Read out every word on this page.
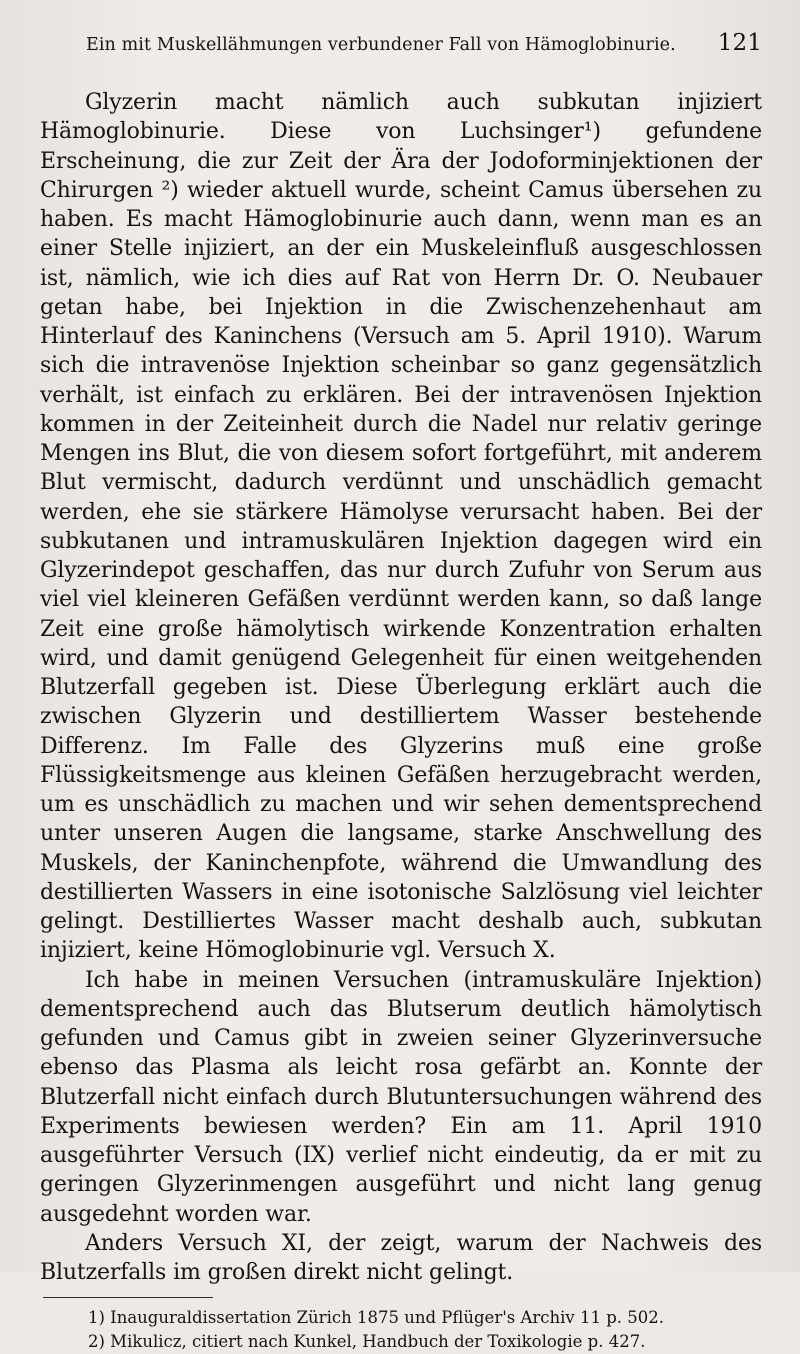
Ein mit Muskellähmungen verbundener Fall von Hämoglobinurie.	121

Glyzerin macht nämlich auch subkutan injiziert Hämoglobinurie. Diese von Luchsinger¹) gefundene Erscheinung, die zur Zeit der Ära der Jodoforminjektionen der Chirurgen ²) wieder aktuell wurde, scheint Camus übersehen zu haben. Es macht Hämoglobinurie auch dann, wenn man es an einer Stelle injiziert, an der ein Muskeleinfluß ausgeschlossen ist, nämlich, wie ich dies auf Rat von Herrn Dr. O. Neubauer getan habe, bei Injektion in die Zwischenzehenhaut am Hinterlauf des Kaninchens (Versuch am 5. April 1910). Warum sich die intravenöse Injektion scheinbar so ganz gegensätzlich verhält, ist einfach zu erklären. Bei der intravenösen Injektion kommen in der Zeiteinheit durch die Nadel nur relativ geringe Mengen ins Blut, die von diesem sofort fortgeführt, mit anderem Blut vermischt, dadurch verdünnt und unschädlich gemacht werden, ehe sie stärkere Hämolyse verursacht haben. Bei der subkutanen und intramuskulären Injektion dagegen wird ein Glyzerindepot geschaffen, das nur durch Zufuhr von Serum aus viel viel kleineren Gefäßen verdünnt werden kann, so daß lange Zeit eine große hämolytisch wirkende Konzentration erhalten wird, und damit genügend Gelegenheit für einen weitgehenden Blutzerfall gegeben ist. Diese Überlegung erklärt auch die zwischen Glyzerin und destilliertem Wasser bestehende Differenz. Im Falle des Glyzerins muß eine große Flüssigkeitsmenge aus kleinen Gefäßen herzugebracht werden, um es unschädlich zu machen und wir sehen dementsprechend unter unseren Augen die langsame, starke Anschwellung des Muskels, der Kaninchenpfote, während die Umwandlung des destillierten Wassers in eine isotonische Salzlösung viel leichter gelingt. Destilliertes Wasser macht deshalb auch, subkutan injiziert, keine Hömoglobinurie vgl. Versuch X.

Ich habe in meinen Versuchen (intramuskuläre Injektion) dementsprechend auch das Blutserum deutlich hämolytisch gefunden und Camus gibt in zweien seiner Glyzerinversuche ebenso das Plasma als leicht rosa gefärbt an. Konnte der Blutzerfall nicht einfach durch Blutuntersuchungen während des Experiments bewiesen werden? Ein am 11. April 1910 ausgeführter Versuch (IX) verlief nicht eindeutig, da er mit zu geringen Glyzerinmengen ausgeführt und nicht lang genug ausgedehnt worden war.

Anders Versuch XI, der zeigt, warum der Nachweis des Blutzerfalls im großen direkt nicht gelingt.

1) Inauguraldissertation Zürich 1875 und Pflüger's Archiv 11 p. 502.

2) Mikulicz, citiert nach Kunkel, Handbuch der Toxikologie p. 427.
